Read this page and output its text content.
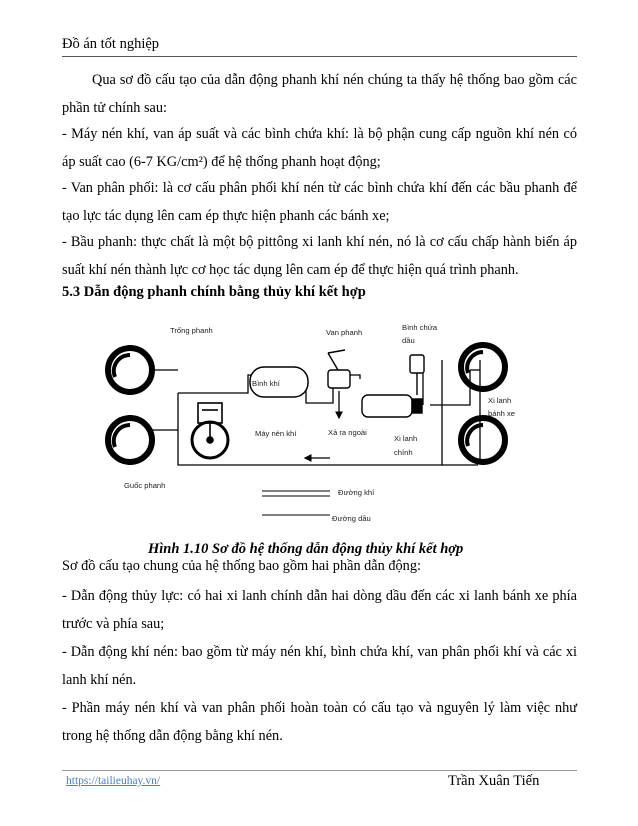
Đồ án tốt nghiệp
Qua sơ đồ cấu tạo của dẫn động phanh khí nén chúng ta thấy hệ thống bao gồm các phần tử chính sau:
- Máy nén khí, van áp suất và các bình chứa khí: là bộ phận cung cấp nguồn khí nén có áp suất cao (6-7 KG/cm²) để hệ thống phanh hoạt động;
- Van phân phối: là cơ cấu phân phối khí nén từ các bình chứa khí đến các bầu phanh để tạo lực tác dụng lên cam ép thực hiện phanh các bánh xe;
- Bầu phanh: thực chất là một bộ pittông xi lanh khí nén, nó là cơ cấu chấp hành biến áp suất khí nén thành lực cơ học tác dụng lên cam ép để thực hiện quá trình phanh.
5.3 Dẫn động phanh chính bằng thủy khí kết hợp
Trống phanh	Van phanh
Bình chứa
dầu
Bình khí
Xi lanh
bánh xe
Máy nén khí	Xả ra ngoài
Xi lanh
chính
Guốc phanh
Đường khí
Đường dầu
Hình 1.10 Sơ đồ hệ thống dẫn động thủy khí kết hợp
Sơ đồ cấu tạo chung của hệ thống bao gồm hai phần dẫn động:
- Dẫn động thủy lực: có hai xi lanh chính dẫn hai dòng dầu đến các xi lanh bánh xe phía trước và phía sau;
- Dẫn động khí nén: bao gồm từ máy nén khí, bình chứa khí, van phân phối khí và các xi lanh khí nén.
- Phần máy nén khí và van phân phối hoàn toàn có cấu tạo và nguyên lý làm việc như trong hệ thống dẫn động bằng khí nén.
https://tailieuhay.vn/	Trần Xuân Tiến
